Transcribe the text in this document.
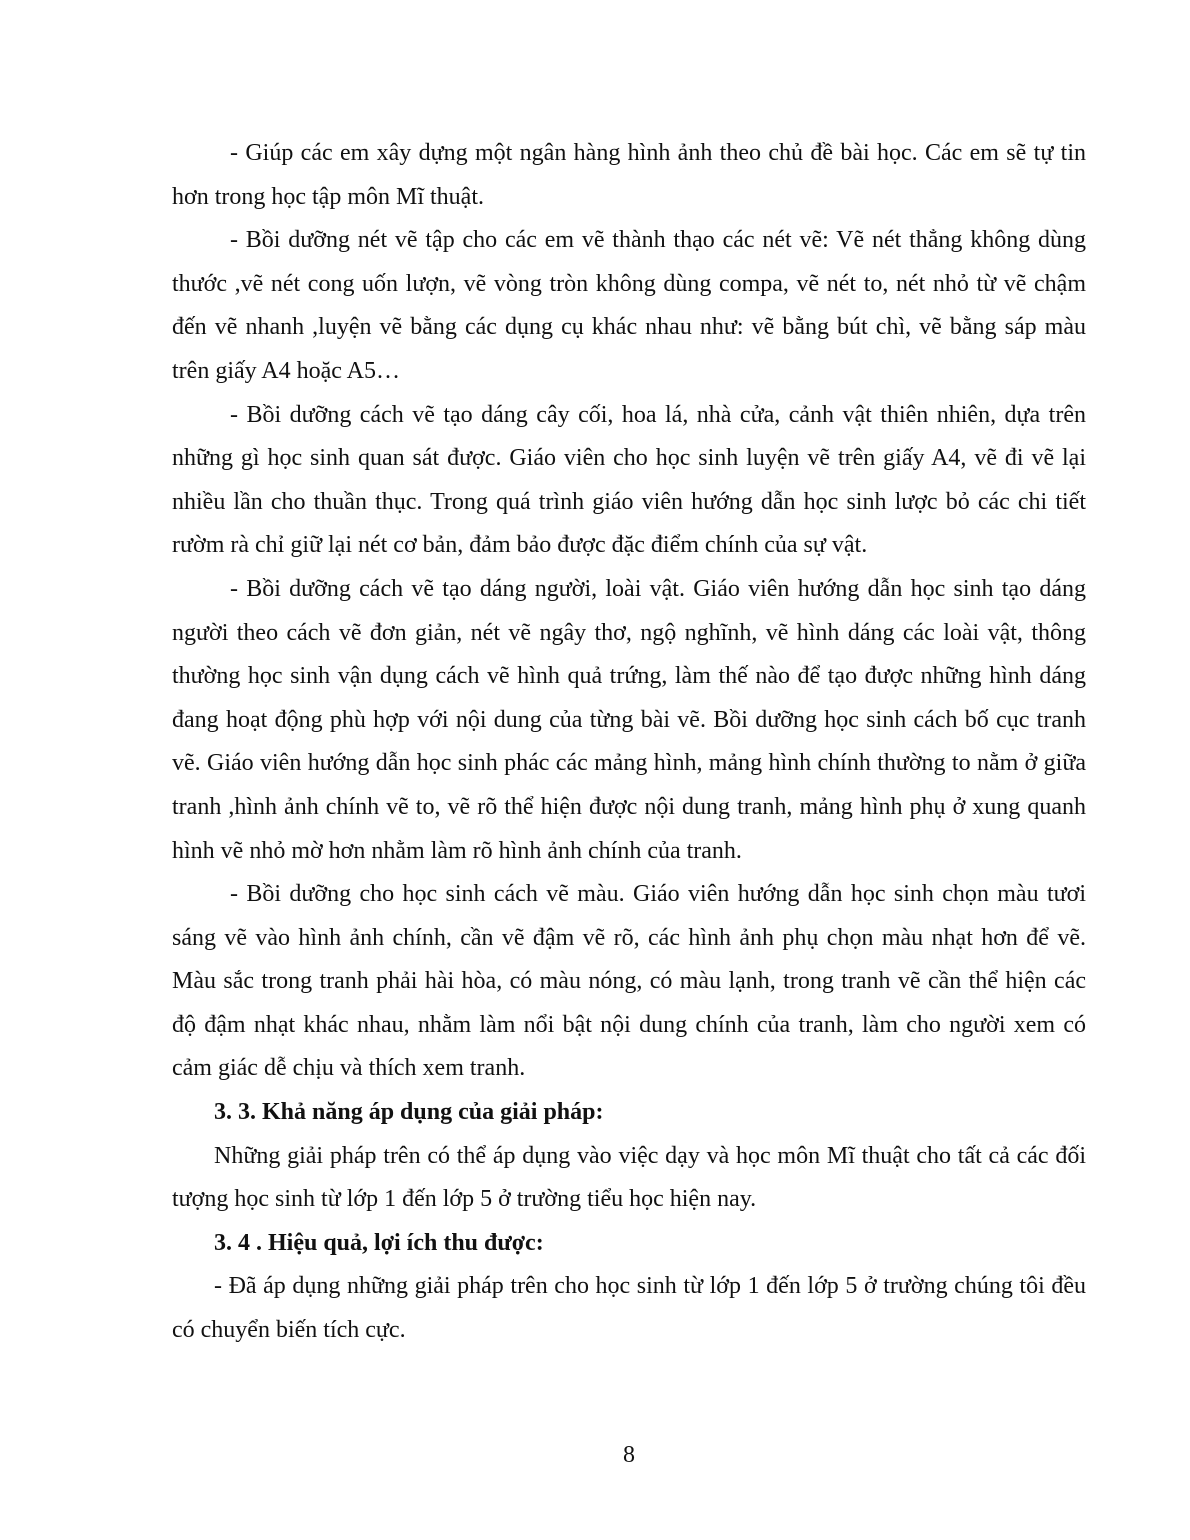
- Giúp các em xây dựng một ngân hàng hình ảnh theo chủ đề bài học. Các em sẽ tự tin hơn trong học tập môn Mĩ thuật.

- Bồi dưỡng nét vẽ tập cho các em vẽ thành thạo các nét vẽ: Vẽ nét thẳng không dùng thước ,vẽ nét cong uốn lượn, vẽ vòng tròn không dùng compa, vẽ nét to, nét nhỏ từ vẽ chậm đến vẽ nhanh ,luyện vẽ bằng các dụng cụ khác nhau như: vẽ bằng bút chì, vẽ bằng sáp màu trên giấy A4 hoặc A5…

- Bồi dưỡng cách vẽ tạo dáng cây cối, hoa lá, nhà cửa, cảnh vật thiên nhiên, dựa trên những gì học sinh quan sát được. Giáo viên cho học sinh luyện vẽ trên giấy A4, vẽ đi vẽ lại nhiều lần cho thuần thục. Trong quá trình giáo viên hướng dẫn học sinh lược bỏ các chi tiết rườm rà chỉ giữ lại nét cơ bản, đảm bảo được đặc điểm chính của sự vật.

- Bồi dưỡng cách vẽ tạo dáng người, loài vật. Giáo viên hướng dẫn học sinh tạo dáng người theo cách vẽ đơn giản, nét vẽ ngây thơ, ngộ nghĩnh, vẽ hình dáng các loài vật, thông thường học sinh vận dụng cách vẽ hình quả trứng, làm thế nào để tạo được những hình dáng đang hoạt động phù hợp với nội dung của từng bài vẽ. Bồi dưỡng học sinh cách bố cục tranh vẽ. Giáo viên hướng dẫn học sinh phác các mảng hình, mảng hình chính thường to nằm ở giữa tranh ,hình ảnh chính vẽ to, vẽ rõ thể hiện được nội dung tranh, mảng hình phụ ở xung quanh hình vẽ nhỏ mờ hơn nhằm làm rõ hình ảnh chính của tranh.

- Bồi dưỡng cho học sinh cách vẽ màu. Giáo viên hướng dẫn học sinh chọn màu tươi sáng vẽ vào hình ảnh chính, cần vẽ đậm vẽ rõ, các hình ảnh phụ chọn màu nhạt hơn để vẽ. Màu sắc trong tranh phải hài hòa, có màu nóng, có màu lạnh, trong tranh vẽ cần thể hiện các độ đậm nhạt khác nhau, nhằm làm nổi bật nội dung chính của tranh, làm cho người xem có cảm giác dễ chịu và thích xem tranh.

3. 3. Khả năng áp dụng của giải pháp:

Những giải pháp trên có thể áp dụng vào việc dạy và học môn Mĩ thuật cho tất cả các đối tượng học sinh từ lớp 1 đến lớp 5 ở trường tiểu học hiện nay.

3. 4 . Hiệu quả, lợi ích thu được:

- Đã áp dụng những giải pháp trên cho học sinh từ lớp 1 đến lớp 5 ở trường chúng tôi đều có chuyển biến tích cực.

8
